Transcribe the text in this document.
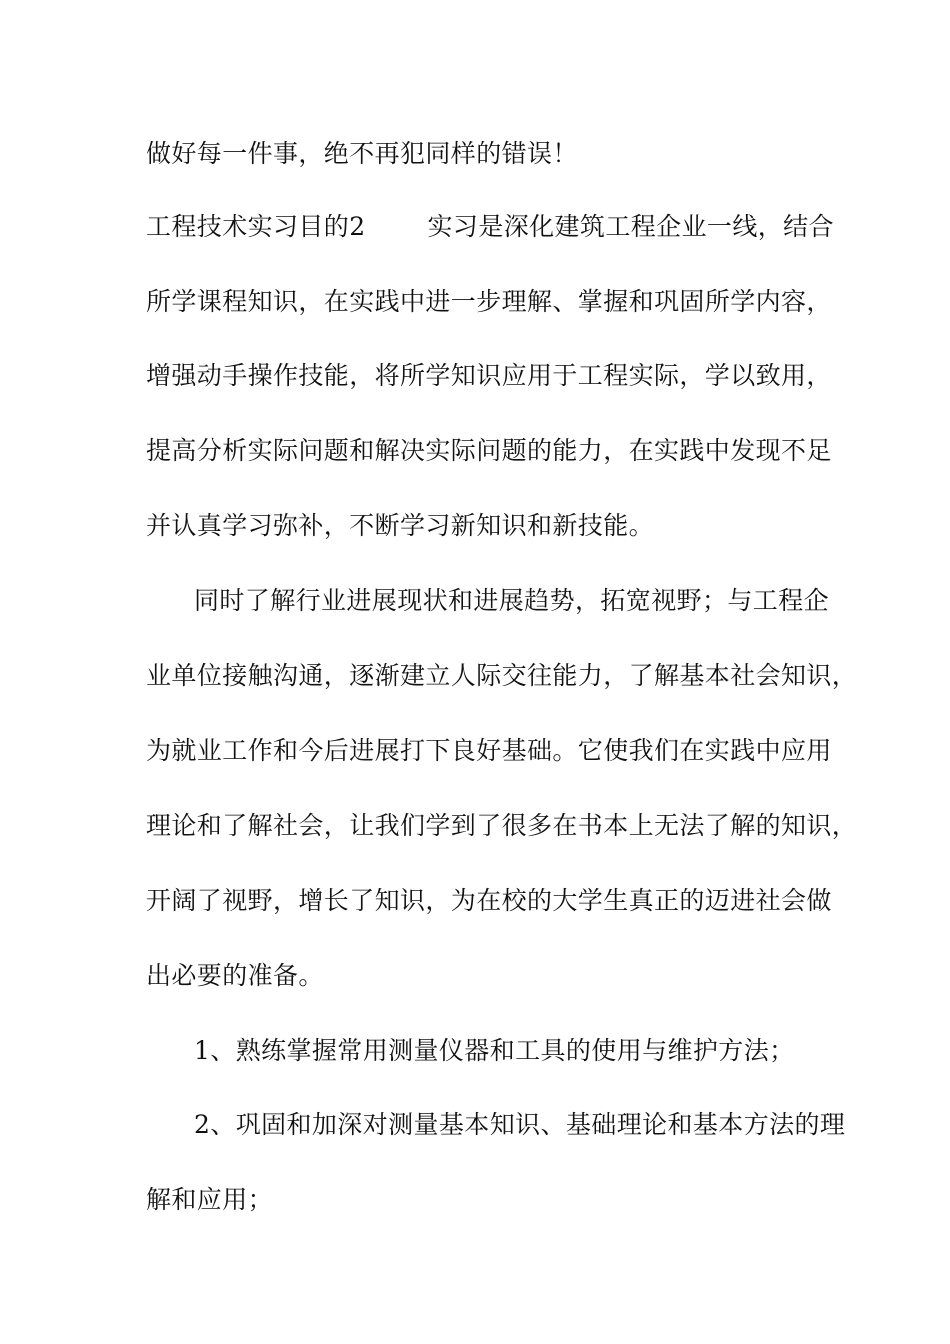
做好每一件事，绝不再犯同样的错误！
工程技术实习目的2 实习是深化建筑工程企业一线，结合
所学课程知识，在实践中进一步理解、掌握和巩固所学内容，
增强动手操作技能，将所学知识应用于工程实际，学以致用，
提高分析实际问题和解决实际问题的能力，在实践中发现不足
并认真学习弥补，不断学习新知识和新技能。
同时了解行业进展现状和进展趋势，拓宽视野；与工程企
业单位接触沟通，逐渐建立人际交往能力，了解基本社会知识，
为就业工作和今后进展打下良好基础。它使我们在实践中应用
理论和了解社会，让我们学到了很多在书本上无法了解的知识，
开阔了视野，增长了知识，为在校的大学生真正的迈进社会做
出必要的准备。
1、熟练掌握常用测量仪器和工具的使用与维护方法；
2、巩固和加深对测量基本知识、基础理论和基本方法的理
解和应用；
